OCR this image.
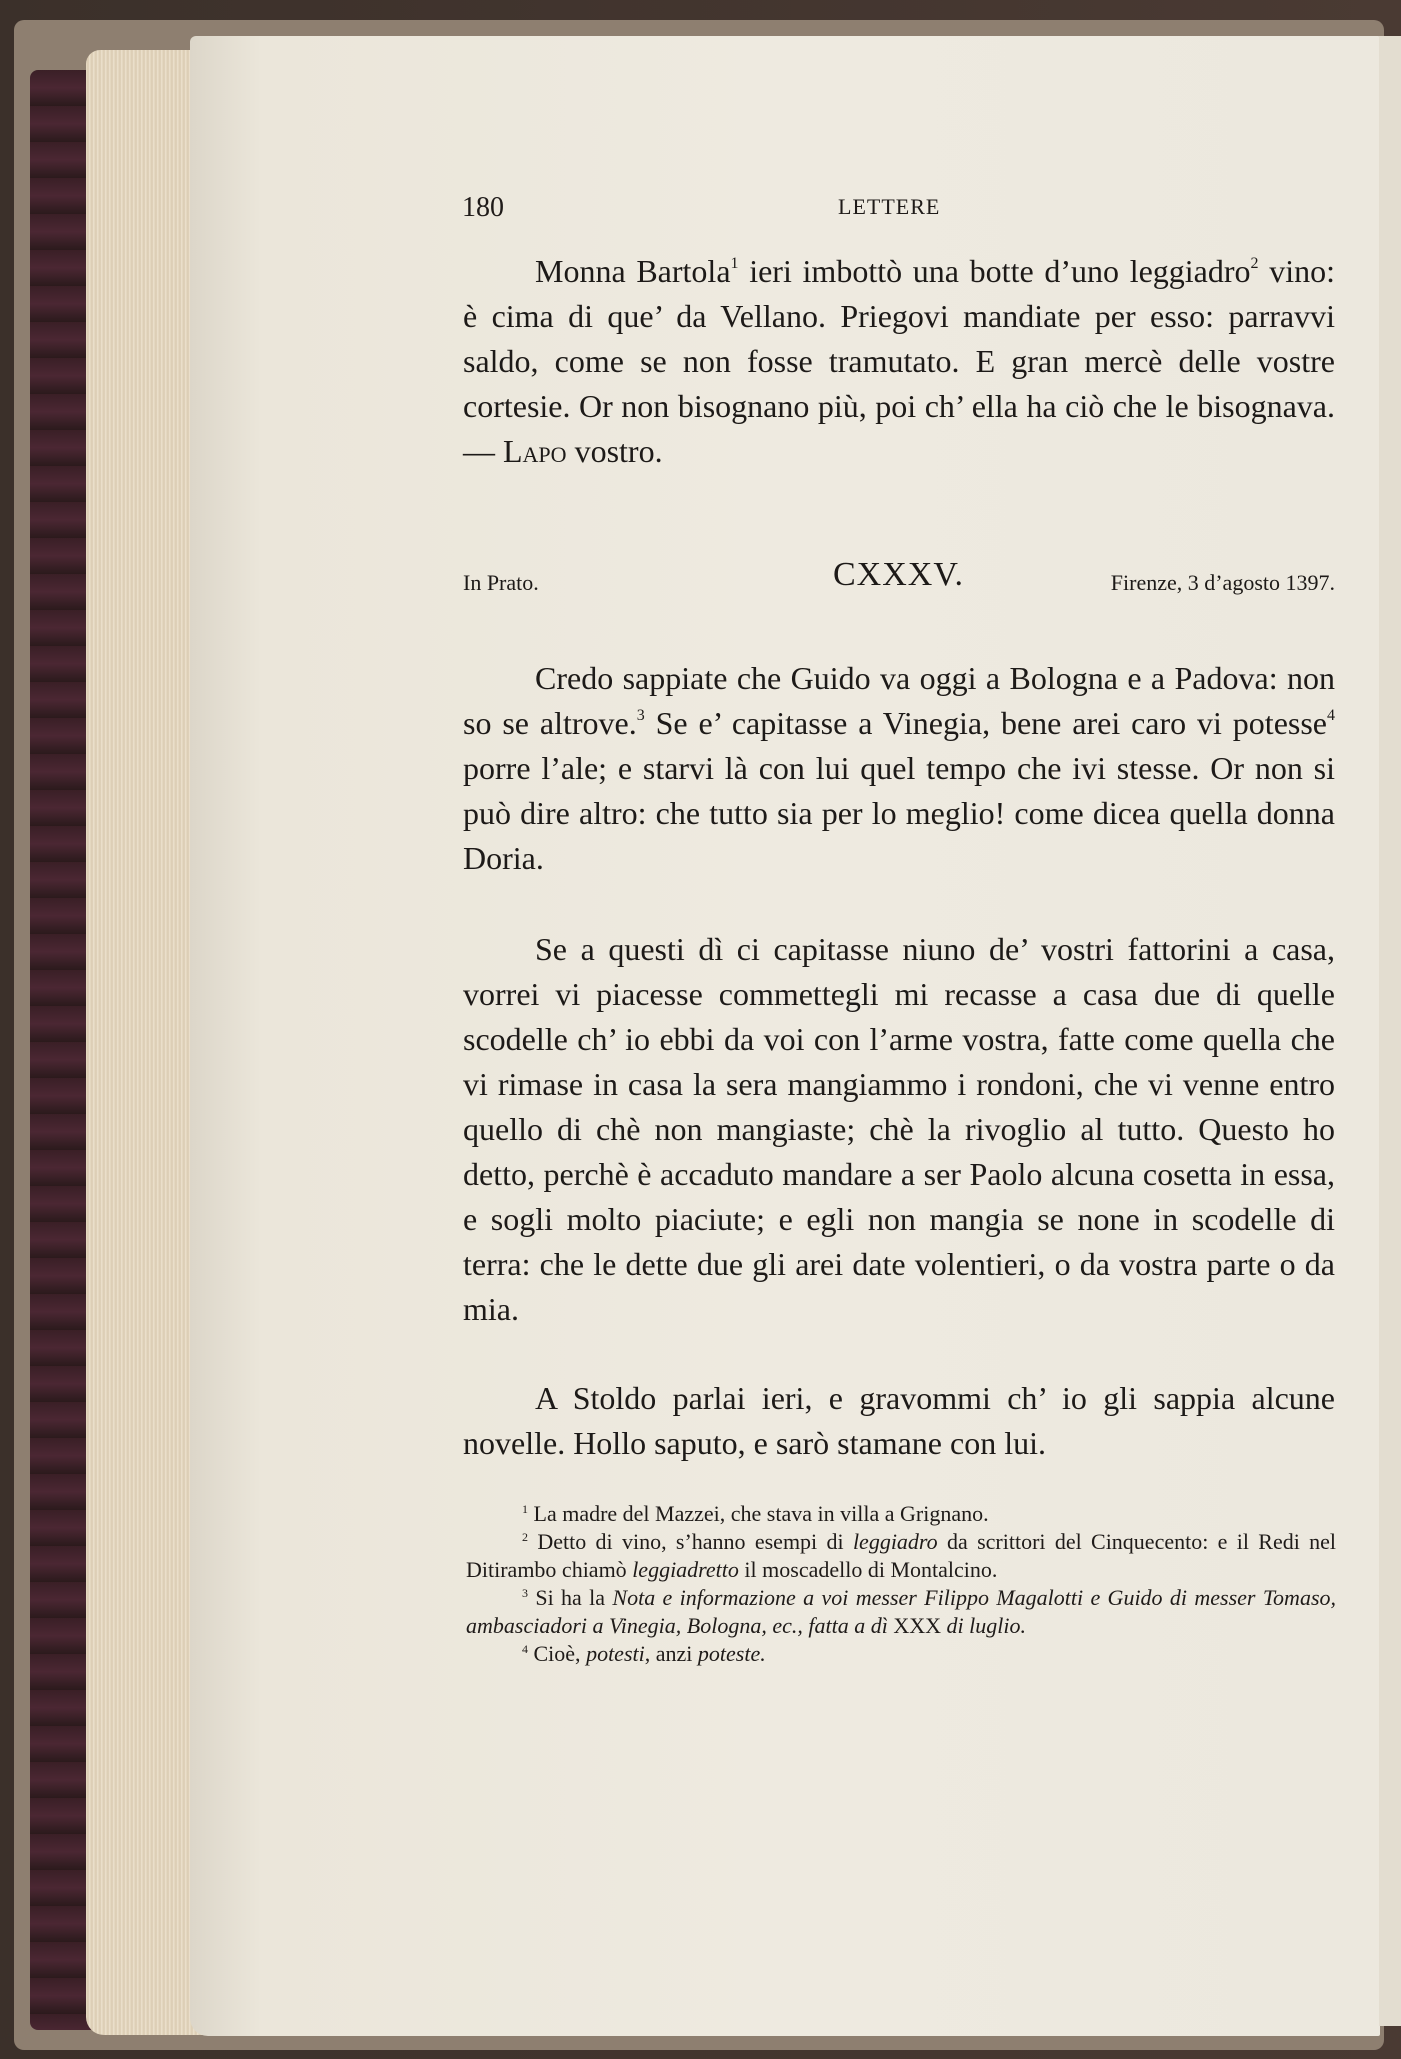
180	LETTERE
Monna Bartola$^1$ ieri imbottò una botte d’uno leggiadro$^2$ vino: è cima di que’ da Vellano. Priegovi mandiate per esso: parravvi saldo, come se non fosse tramutato. E gran mercè delle vostre cortesie. Or non bisognano più, poi ch’ ella ha ciò che le bisognava. — Lapo vostro.
In Prato.	CXXXV.	Firenze, 3 d’agosto 1397.
Credo sappiate che Guido va oggi a Bologna e a Padova: non so se altrove.$^3$ Se e’ capitasse a Vinegia, bene arei caro vi potesse$^4$ porre l’ale; e starvi là con lui quel tempo che ivi stesse. Or non si può dire altro: che tutto sia per lo meglio! come dicea quella donna Doria.
Se a questi dì ci capitasse niuno de’ vostri fattorini a casa, vorrei vi piacesse commettegli mi recasse a casa due di quelle scodelle ch’ io ebbi da voi con l’arme vostra, fatte come quella che vi rimase in casa la sera mangiammo i rondoni, che vi venne entro quello di chè non mangiaste; chè la rivoglio al tutto. Questo ho detto, perchè è accaduto mandare a ser Paolo alcuna cosetta in essa, e sogli molto piaciute; e egli non mangia se none in scodelle di terra: che le dette due gli arei date volentieri, o da vostra parte o da mia.
A Stoldo parlai ieri, e gravommi ch’ io gli sappia alcune novelle. Hollo saputo, e sarò stamane con lui.
$^1$ La madre del Mazzei, che stava in villa a Grignano.
$^2$ Detto di vino, s’hanno esempi di leggiadro da scrittori del Cinquecento: e il Redi nel Ditirambo chiamò leggiadretto il moscadello di Montalcino.
$^3$ Si ha la Nota e informazione a voi messer Filippo Magalotti e Guido di messer Tomaso, ambasciadori a Vinegia, Bologna, ec., fatta a dì XXX di luglio.
$^4$ Cioè, potesti, anzi poteste.
